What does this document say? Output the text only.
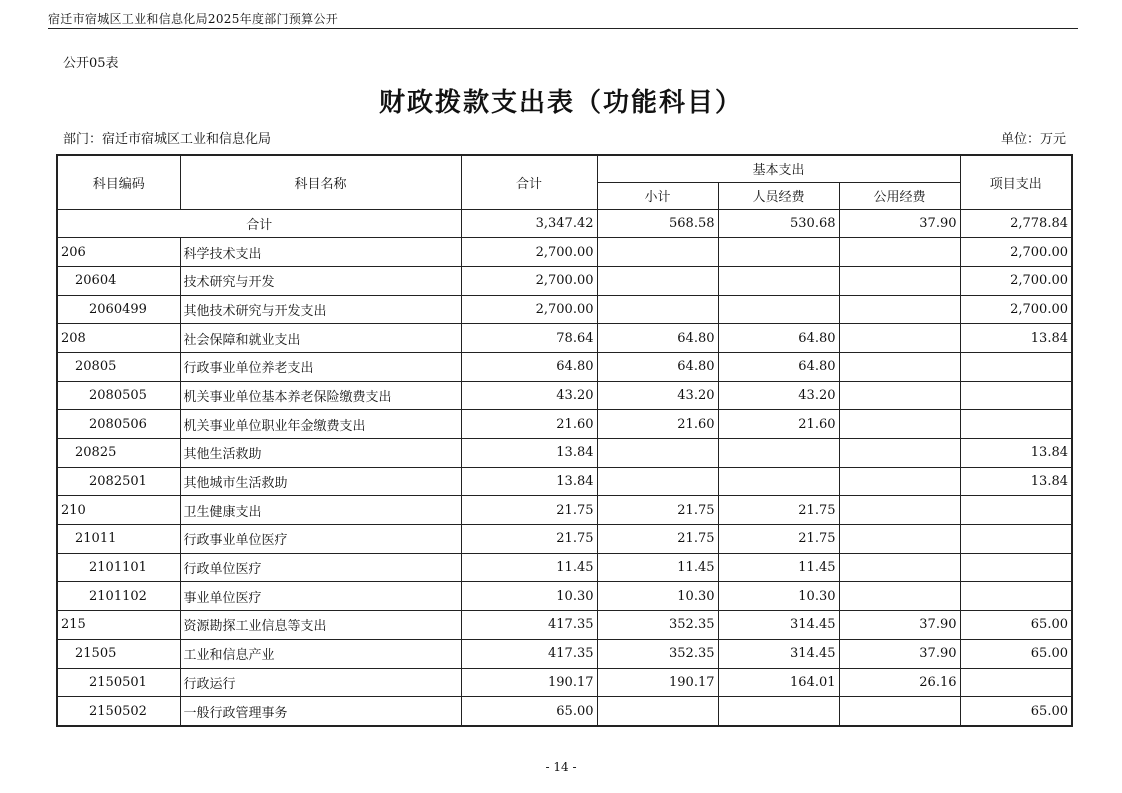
宿迁市宿城区工业和信息化局2025年度部门预算公开
公开05表
财政拨款支出表（功能科目）
部门：宿迁市宿城区工业和信息化局	单位：万元
科目编码	科目名称	合计	基本支出			项目支出
			小计	人员经费	公用经费	
合计		3,347.42	568.58	530.68	37.90	2,778.84
206	科学技术支出	2,700.00				2,700.00
20604	技术研究与开发	2,700.00				2,700.00
2060499	其他技术研究与开发支出	2,700.00				2,700.00
208	社会保障和就业支出	78.64	64.80	64.80		13.84
20805	行政事业单位养老支出	64.80	64.80	64.80		
2080505	机关事业单位基本养老保险缴费支出	43.20	43.20	43.20		
2080506	机关事业单位职业年金缴费支出	21.60	21.60	21.60		
20825	其他生活救助	13.84				13.84
2082501	其他城市生活救助	13.84				13.84
210	卫生健康支出	21.75	21.75	21.75		
21011	行政事业单位医疗	21.75	21.75	21.75		
2101101	行政单位医疗	11.45	11.45	11.45		
2101102	事业单位医疗	10.30	10.30	10.30		
215	资源勘探工业信息等支出	417.35	352.35	314.45	37.90	65.00
21505	工业和信息产业	417.35	352.35	314.45	37.90	65.00
2150501	行政运行	190.17	190.17	164.01	26.16	
2150502	一般行政管理事务	65.00				65.00
- 14 -
